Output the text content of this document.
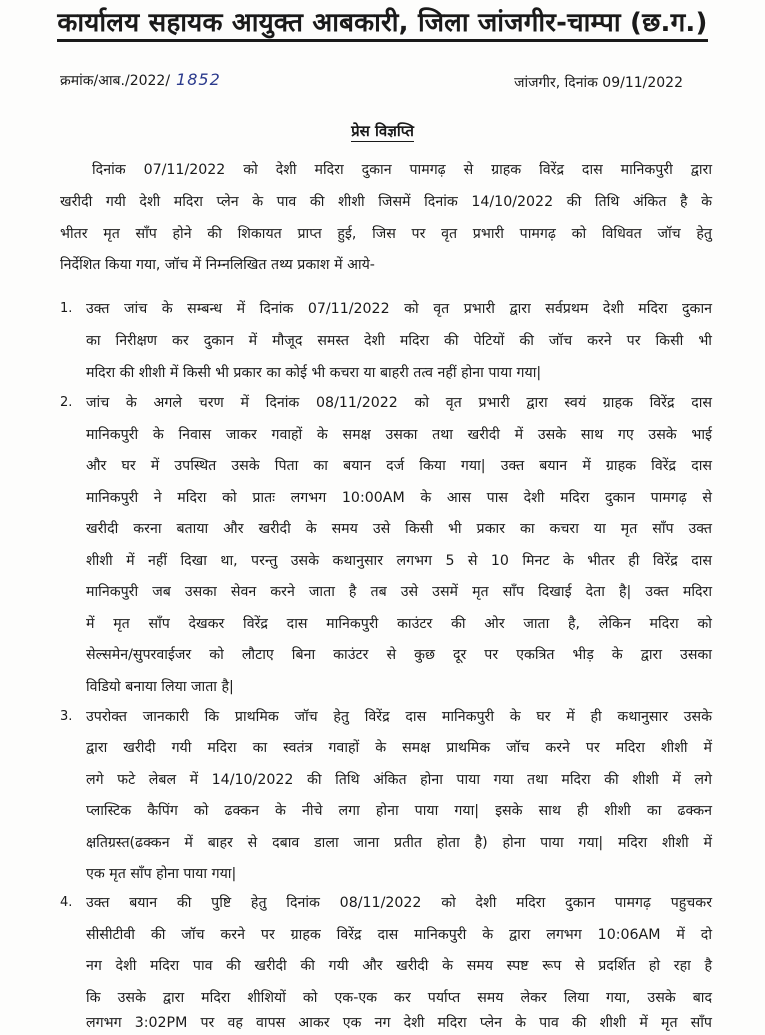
कार्यालय सहायक आयुक्त आबकारी, जिला जांजगीर-चाम्पा (छ.ग.)
क्रमांक/आब./2022/ 1852	जांजगीर, दिनांक 09/11/2022
प्रेस विज्ञप्ति
दिनांक 07/11/2022 को देशी मदिरा दुकान पामगढ़ से ग्राहक विरेंद्र दास मानिकपुरी द्वारा
खरीदी गयी देशी मदिरा प्लेन के पाव की शीशी जिसमें दिनांक 14/10/2022 की तिथि अंकित है के
भीतर मृत साँप होने की शिकायत प्राप्त हुई, जिस पर वृत प्रभारी पामगढ़ को विधिवत जॉच हेतु
निर्देशित किया गया, जॉच में निम्नलिखित तथ्य प्रकाश में आये-
1. उक्त जांच के सम्बन्ध में दिनांक 07/11/2022 को वृत प्रभारी द्वारा सर्वप्रथम देशी मदिरा दुकान
का निरीक्षण कर दुकान में मौजूद समस्त देशी मदिरा की पेटियों की जॉच करने पर किसी भी
मदिरा की शीशी में किसी भी प्रकार का कोई भी कचरा या बाहरी तत्व नहीं होना पाया गया|
2. जांच के अगले चरण में दिनांक 08/11/2022 को वृत प्रभारी द्वारा स्वयं ग्राहक विरेंद्र दास
मानिकपुरी के निवास जाकर गवाहों के समक्ष उसका तथा खरीदी में उसके साथ गए उसके भाई
और घर में उपस्थित उसके पिता का बयान दर्ज किया गया| उक्त बयान में ग्राहक विरेंद्र दास
मानिकपुरी ने मदिरा को प्रातः लगभग 10:00AM के आस पास देशी मदिरा दुकान पामगढ़ से
खरीदी करना बताया और खरीदी के समय उसे किसी भी प्रकार का कचरा या मृत साँप उक्त
शीशी में नहीं दिखा था, परन्तु उसके कथानुसार लगभग 5 से 10 मिनट के भीतर ही विरेंद्र दास
मानिकपुरी जब उसका सेवन करने जाता है तब उसे उसमें मृत साँप दिखाई देता है| उक्त मदिरा
में मृत साँप देखकर विरेंद्र दास मानिकपुरी काउंटर की ओर जाता है, लेकिन मदिरा को
सेल्समेन/सुपरवाईजर को लौटाए बिना काउंटर से कुछ दूर पर एकत्रित भीड़ के द्वारा उसका
विडियो बनाया लिया जाता है|
3. उपरोक्त जानकारी कि प्राथमिक जॉच हेतु विरेंद्र दास मानिकपुरी के घर में ही कथानुसार उसके
द्वारा खरीदी गयी मदिरा का स्वतंत्र गवाहों के समक्ष प्राथमिक जॉच करने पर मदिरा शीशी में
लगे फटे लेबल में 14/10/2022 की तिथि अंकित होना पाया गया तथा मदिरा की शीशी में लगे
प्लास्टिक कैपिंग को ढक्कन के नीचे लगा होना पाया गया| इसके साथ ही शीशी का ढक्कन
क्षतिग्रस्त(ढक्कन में बाहर से दबाव डाला जाना प्रतीत होता है) होना पाया गया| मदिरा शीशी में
एक मृत साँप होना पाया गया|
4. उक्त बयान की पुष्टि हेतु दिनांक 08/11/2022 को देशी मदिरा दुकान पामगढ़ पहुचकर
सीसीटीवी की जॉच करने पर ग्राहक विरेंद्र दास मानिकपुरी के द्वारा लगभग 10:06AM में दो
नग देशी मदिरा पाव की खरीदी की गयी और खरीदी के समय स्पष्ट रूप से प्रदर्शित हो रहा है
कि उसके द्वारा मदिरा शीशियों को एक-एक कर पर्याप्त समय लेकर लिया गया, उसके बाद
लगभग 3:02PM पर वह वापस आकर एक नग देशी मदिरा प्लेन के पाव की शीशी में मृत साँप
